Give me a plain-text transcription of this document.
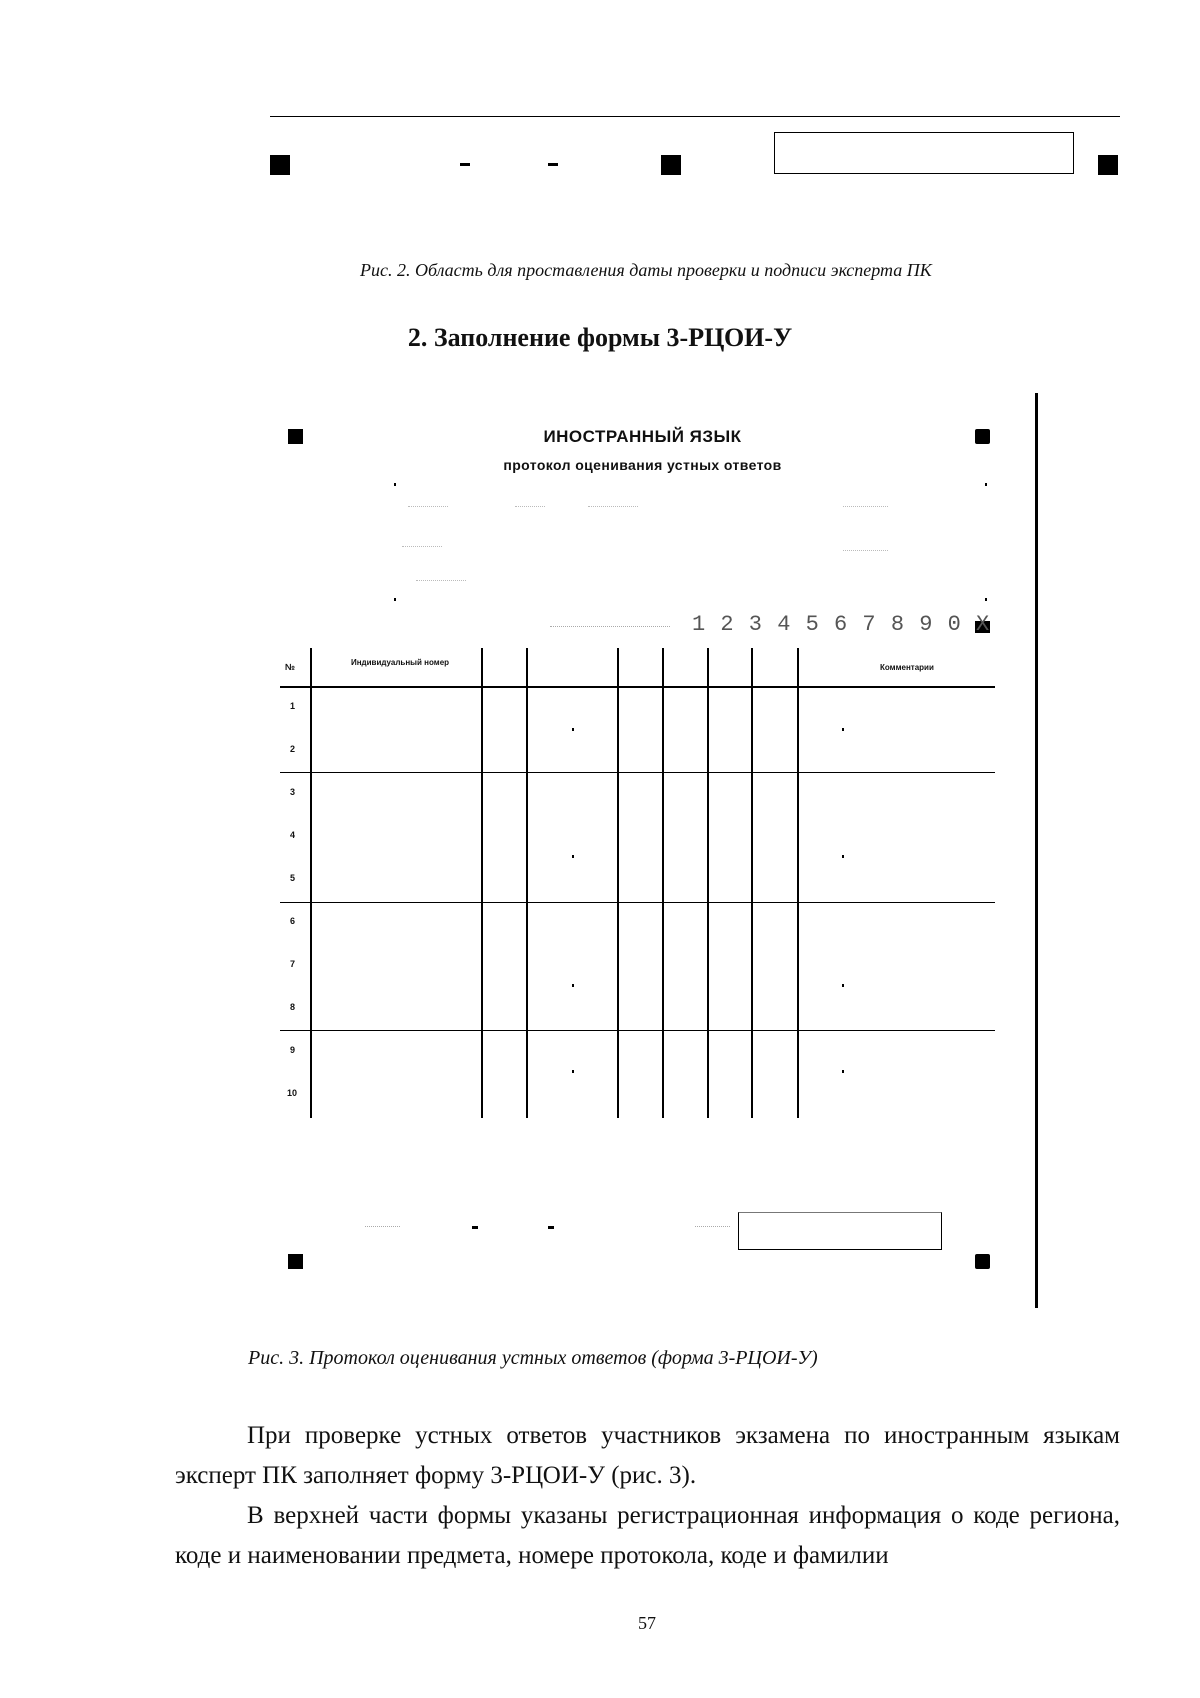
Рис. 2. Область для проставления даты проверки и подписи эксперта ПК
2. Заполнение формы 3-РЦОИ-У
ИНОСТРАННЫЙ ЯЗЫК
протокол оценивания устных ответов
1 2 3 4 5 6 7 8 9 0 X
№	Индивидуальный номер
Комментарии
1
2
3
4
5
6
7
8
9
10
Рис. 3. Протокол оценивания устных ответов (форма 3-РЦОИ-У)
При проверке устных ответов участников экзамена по иностранным языкам эксперт ПК заполняет форму 3-РЦОИ-У (рис. 3).
В верхней части формы указаны регистрационная информация о коде региона, коде и наименовании предмета, номере протокола, коде и фамилии
57
